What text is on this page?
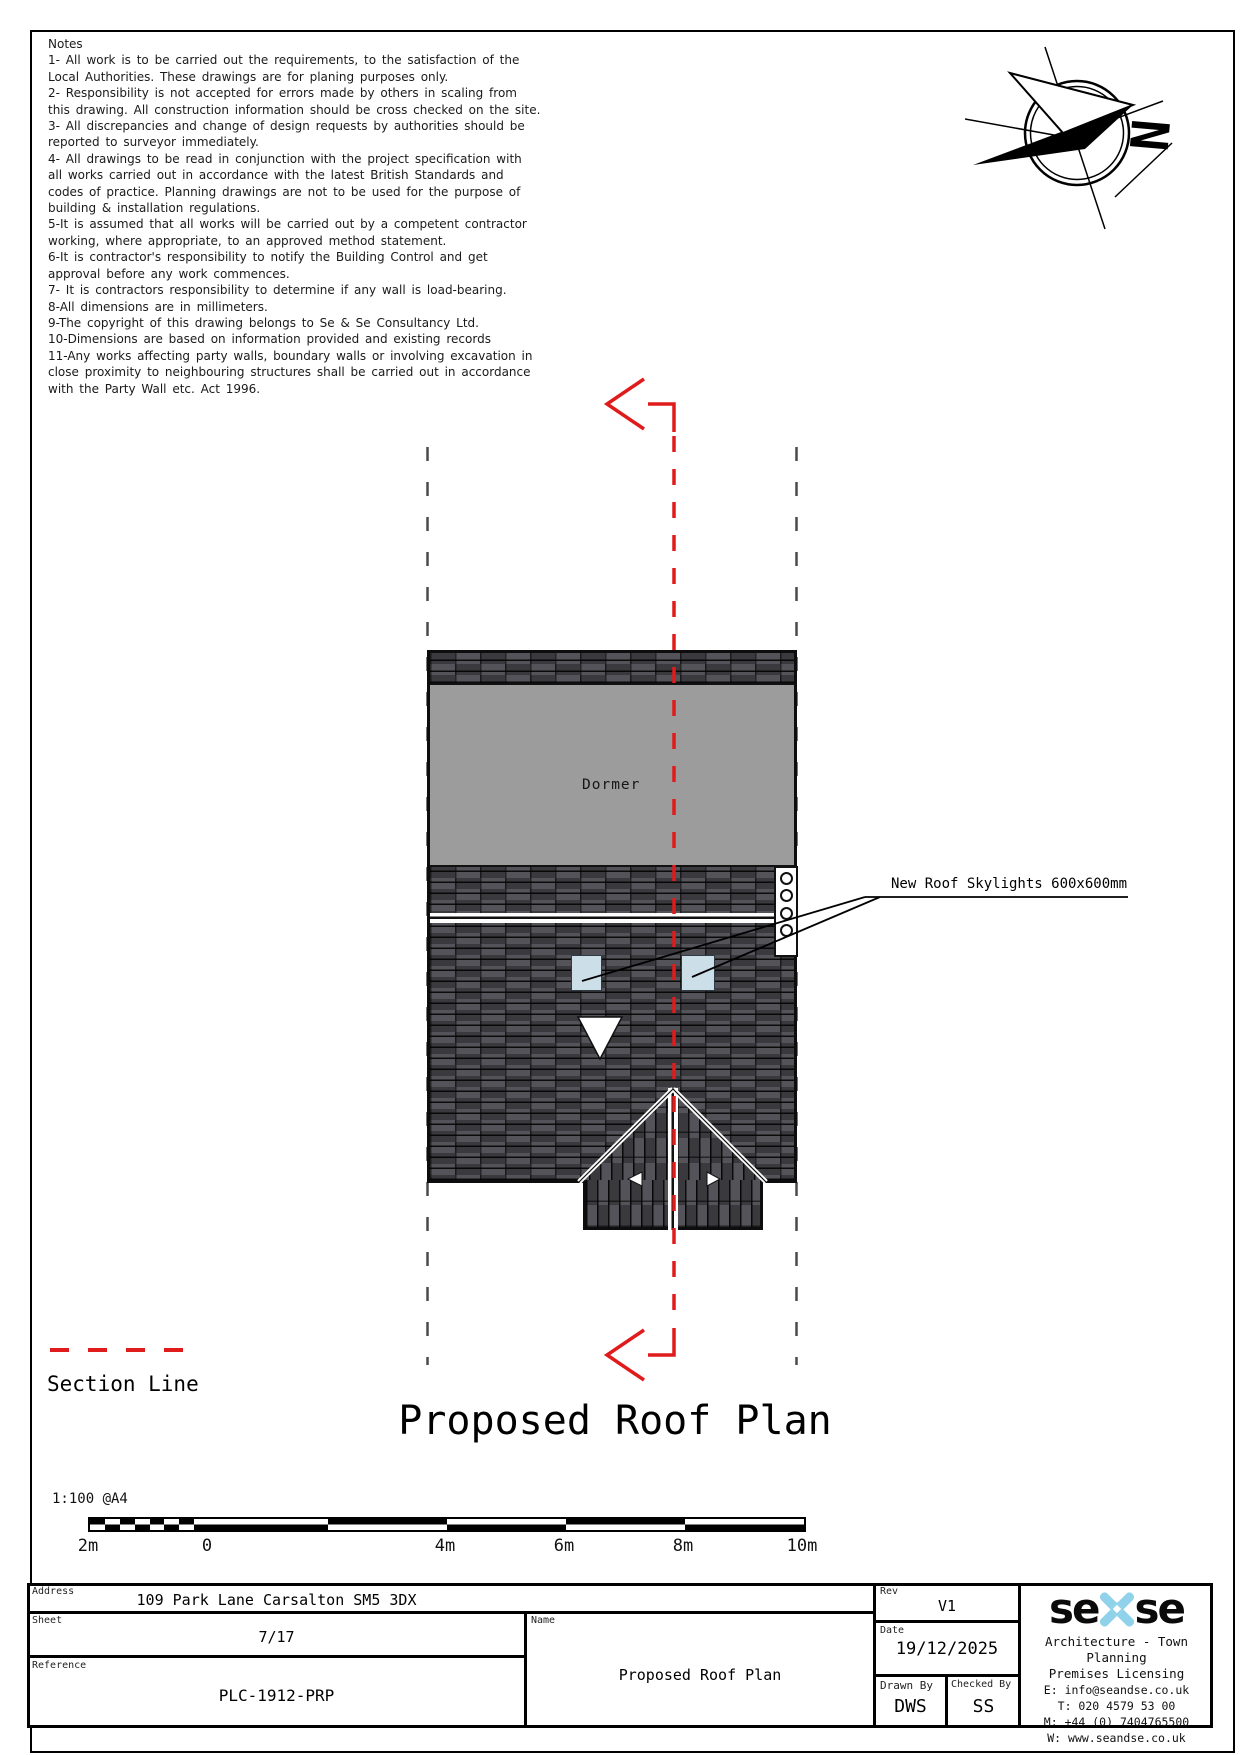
Notes
1- All work is to be carried out the requirements, to the satisfaction of the
Local Authorities. These drawings are for planing purposes only.
2- Responsibility is not accepted for errors made by others in scaling from
this drawing. All construction information should be cross checked on the site.
3- All discrepancies and change of design requests by authorities should be
reported to surveyor immediately.
4- All drawings to be read in conjunction with the project specification with
all works carried out in accordance with the latest British Standards and
codes of practice. Planning drawings are not to be used for the purpose of
building & installation regulations.
5-It is assumed that all works will be carried out by a competent contractor
working, where appropriate, to an approved method statement.
6-It is contractor's responsibility to notify the Building Control and get
approval before any work commences.
7- It is contractors responsibility to determine if any wall is load-bearing.
8-All dimensions are in millimeters.
9-The copyright of this drawing belongs to Se & Se Consultancy Ltd.
10-Dimensions are based on information provided and existing records
11-Any works affecting party walls, boundary walls or involving excavation in
close proximity to neighbouring structures shall be carried out in accordance
with the Party Wall etc. Act 1996.
N
Dormer
New Roof Skylights 600x600mm
Section Line
Proposed Roof Plan
1:100 @A4
2m	0	4m	6m	8m	10m
Address	109 Park Lane Carsalton SM5 3DX
Sheet
7/17
Reference
PLC-1912-PRP
Name
Proposed Roof Plan
Rev
V1
Date
19/12/2025
Drawn By
DWS
Checked By
SS
se se
Architecture - Town Planning
Premises Licensing
E: info@seandse.co.uk
T: 020 4579 53 00
M: +44 (0) 7404765500
W: www.seandse.co.uk
